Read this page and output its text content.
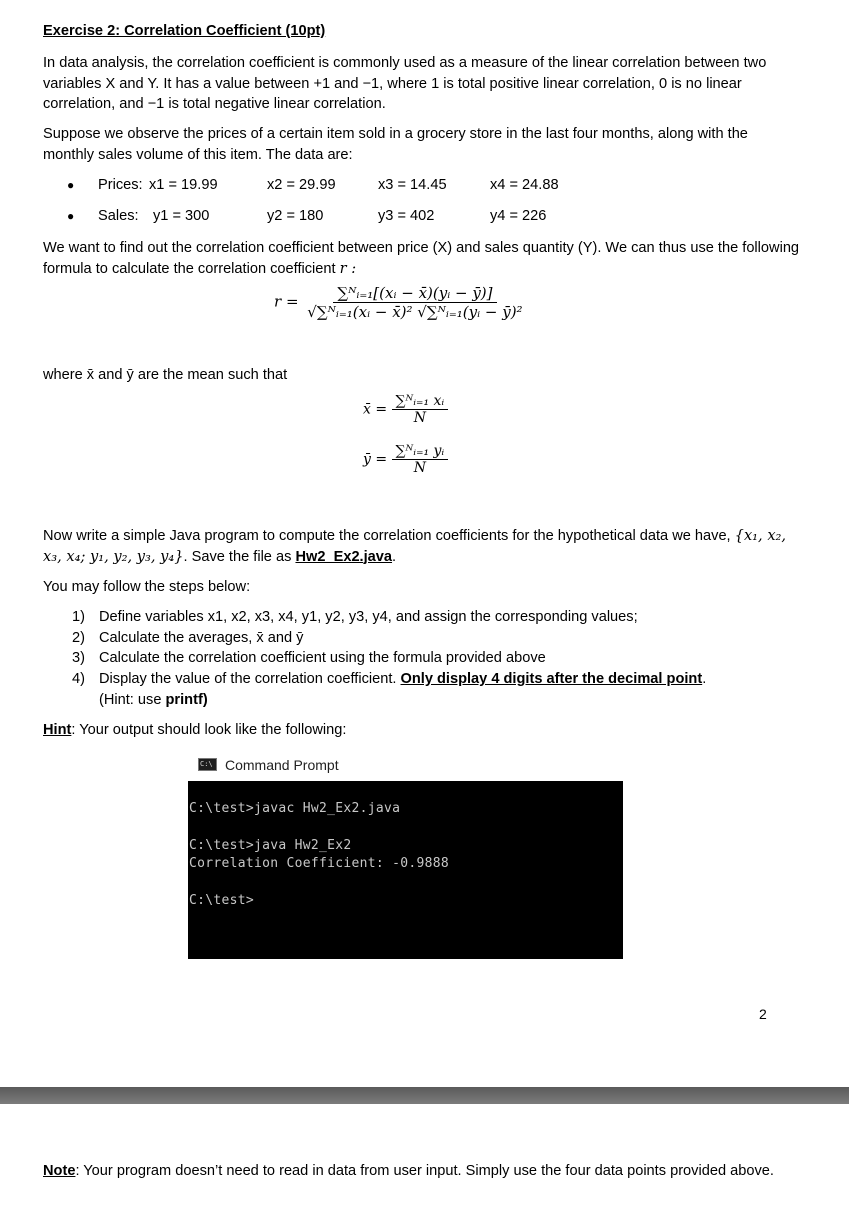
Exercise 2: Correlation Coefficient (10pt)
In data analysis, the correlation coefficient is commonly used as a measure of the linear correlation between two variables X and Y. It has a value between +1 and −1, where 1 is total positive linear correlation, 0 is no linear correlation, and −1 is total negative linear correlation.
Suppose we observe the prices of a certain item sold in a grocery store in the last four months, along with the monthly sales volume of this item. The data are:
● Prices: x1 = 19.99	x2 = 29.99	x3 = 14.45	x4 = 24.88
● Sales: y1 = 300	y2 = 180	y3 = 402	y4 = 226
We want to find out the correlation coefficient between price (X) and sales quantity (Y). We can thus use the following formula to calculate the correlation coefficient r :
$r = \frac{\text{∑ᴺᵢ₌₁[(xᵢ − x̄)(yᵢ − ȳ)]}}{\text{√∑ᴺᵢ₌₁(xᵢ − x̄)² √∑ᴺᵢ₌₁(yᵢ − ȳ)²}}$
where x̄ and ȳ are the mean such that
x̄ = $\frac{\text{∑ᴺᵢ₌₁ xᵢ}}{N}$
ȳ = $\frac{\text{∑ᴺᵢ₌₁ yᵢ}}{N}$
Now write a simple Java program to compute the correlation coefficients for the hypothetical data we have, {x₁, x₂, x₃, x₄; y₁, y₂, y₃, y₄}. Save the file as Hw2_Ex2.java.
You may follow the steps below:
1) Define variables x1, x2, x3, x4, y1, y2, y3, y4, and assign the corresponding values;
2) Calculate the averages, x̄ and ȳ
3) Calculate the correlation coefficient using the formula provided above
4) Display the value of the correlation coefficient. Only display 4 digits after the decimal point.
(Hint: use printf)
Hint: Your output should look like the following:
C:\ Command Prompt
C:\test>javac Hw2_Ex2.java
C:\test>java Hw2_Ex2
Correlation Coefficient: -0.9888
C:\test>
2
Note: Your program doesn’t need to read in data from user input. Simply use the four data points provided above.
